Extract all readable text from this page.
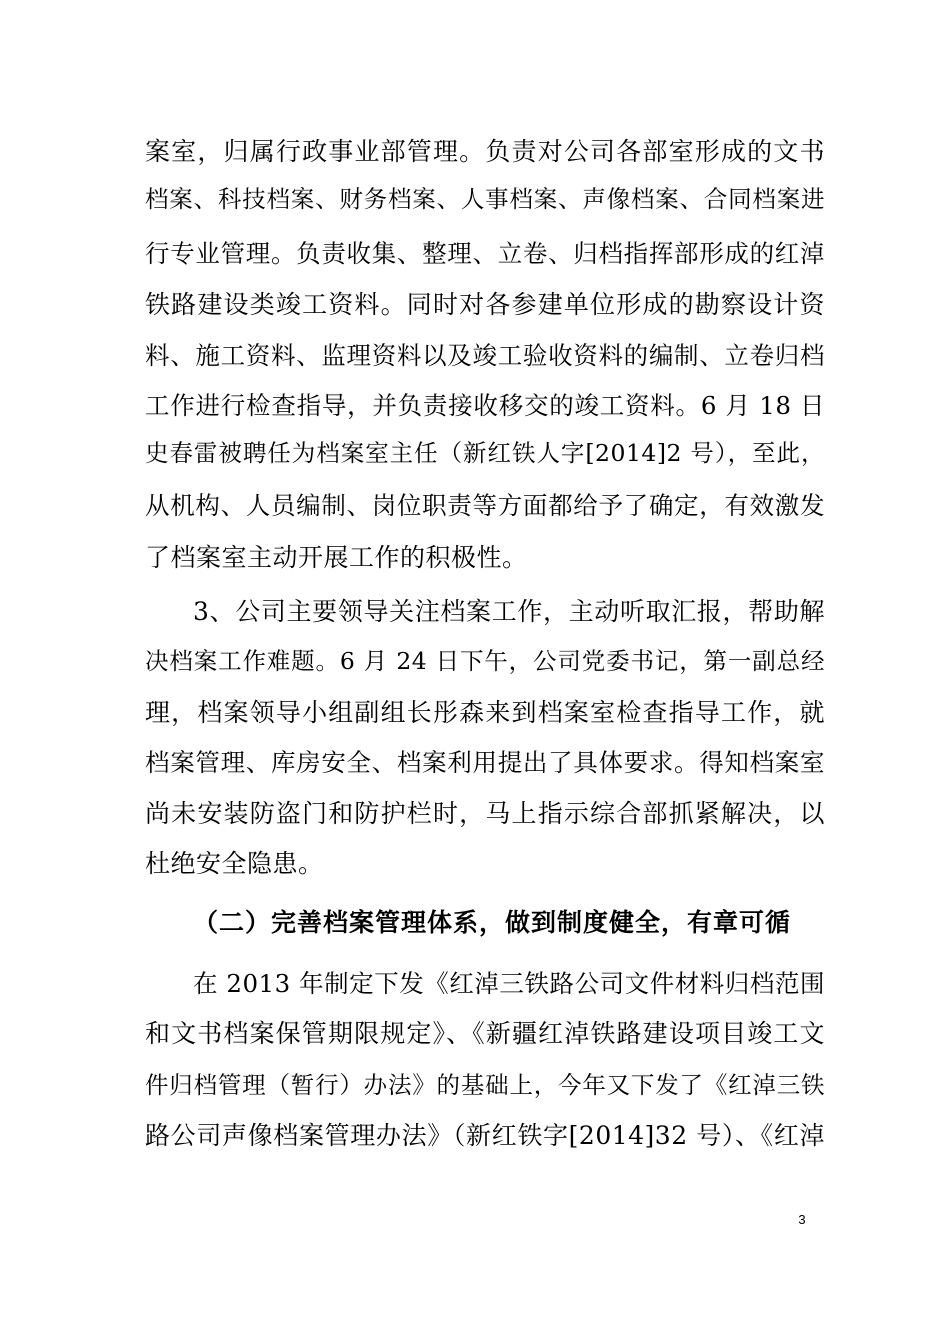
案室，归属行政事业部管理。负责对公司各部室形成的文书
档案、科技档案、财务档案、人事档案、声像档案、合同档案进
行专业管理。负责收集、整理、立卷、归档指挥部形成的红淖
铁路建设类竣工资料。同时对各参建单位形成的勘察设计资
料、施工资料、监理资料以及竣工验收资料的编制、立卷归档
工作进行检查指导，并负责接收移交的竣工资料。6 月 18 日
史春雷被聘任为档案室主任（新红铁人字[2014]2 号），至此，
从机构、人员编制、岗位职责等方面都给予了确定，有效激发
了档案室主动开展工作的积极性。
3、公司主要领导关注档案工作，主动听取汇报，帮助解
决档案工作难题。6 月 24 日下午，公司党委书记，第一副总经
理，档案领导小组副组长彤森来到档案室检查指导工作，就
档案管理、库房安全、档案利用提出了具体要求。得知档案室
尚未安装防盗门和防护栏时，马上指示综合部抓紧解决，以
杜绝安全隐患。
（二）完善档案管理体系，做到制度健全，有章可循
在 2013 年制定下发《红淖三铁路公司文件材料归档范围
和文书档案保管期限规定》、《新疆红淖铁路建设项目竣工文
件归档管理（暂行）办法》的基础上，今年又下发了《红淖三铁
路公司声像档案管理办法》（新红铁字[2014]32 号）、《红淖
3
